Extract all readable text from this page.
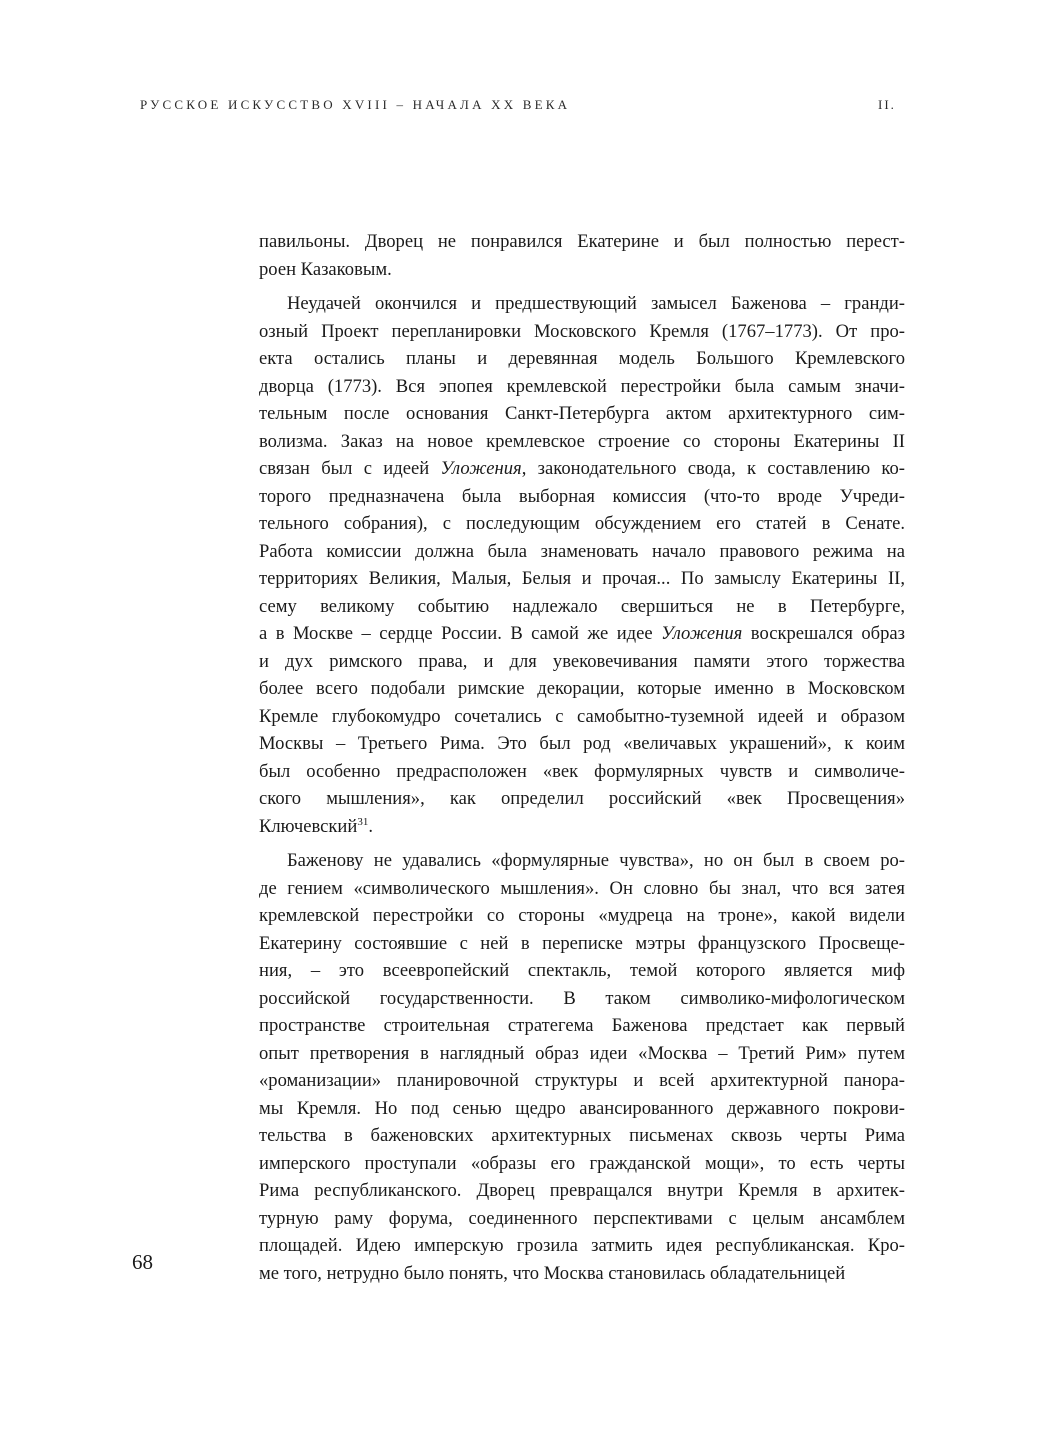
РУССКОЕ ИСКУССТВО XVIII – НАЧАЛА XX ВЕКА	II.
павильоны. Дворец не понравился Екатерине и был полностью перест-
роен Казаковым.
Неудачей окончился и предшествующий замысел Баженова – гранди-
озный Проект перепланировки Московского Кремля (1767–1773). От про-
екта остались планы и деревянная модель Большого Кремлевского
дворца (1773). Вся эпопея кремлевской перестройки была самым значи-
тельным после основания Санкт-Петербурга актом архитектурного сим-
волизма. Заказ на новое кремлевское строение со стороны Екатерины II
связан был с идеей Уложения, законодательного свода, к составлению ко-
торого предназначена была выборная комиссия (что-то вроде Учреди-
тельного собрания), с последующим обсуждением его статей в Сенате.
Работа комиссии должна была знаменовать начало правового режима на
территориях Великия, Малыя, Белыя и прочая... По замыслу Екатерины II,
сему великому событию надлежало свершиться не в Петербурге,
а в Москве – сердце России. В самой же идее Уложения воскрешался образ
и дух римского права, и для увековечивания памяти этого торжества
более всего подобали римские декорации, которые именно в Московском
Кремле глубокомудро сочетались с самобытно-туземной идеей и образом
Москвы – Третьего Рима. Это был род «величавых украшений», к коим
был особенно предрасположен «век формулярных чувств и символиче-
ского мышления», как определил российский «век Просвещения»
Ключевский$^{31}$.
Баженову не удавались «формулярные чувства», но он был в своем ро-
де гением «символического мышления». Он словно бы знал, что вся затея
кремлевской перестройки со стороны «мудреца на троне», какой видели
Екатерину состоявшие с ней в переписке мэтры французского Просвеще-
ния, – это всеевропейский спектакль, темой которого является миф
российской государственности. В таком символико-мифологическом
пространстве строительная стратегема Баженова предстает как первый
опыт претворения в наглядный образ идеи «Москва – Третий Рим» путем
«романизации» планировочной структуры и всей архитектурной панора-
мы Кремля. Но под сенью щедро авансированного державного покрови-
тельства в баженовских архитектурных письменах сквозь черты Рима
имперского проступали «образы его гражданской мощи», то есть черты
Рима республиканского. Дворец превращался внутри Кремля в архитек-
турную раму форума, соединенного перспективами с целым ансамблем
площадей. Идею имперскую грозила затмить идея республиканская. Кро-
ме того, нетрудно было понять, что Москва становилась обладательницей
68
